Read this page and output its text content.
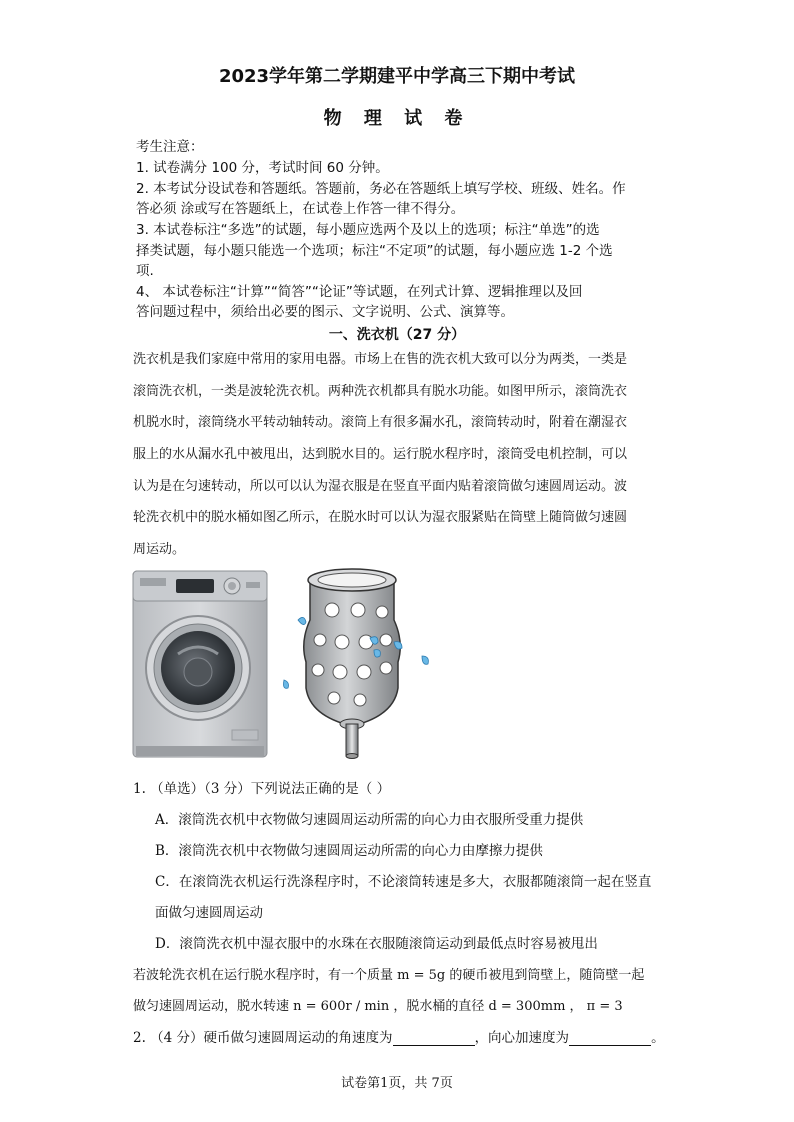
2023学年第二学期建平中学高三下期中考试
物 理 试 卷
考生注意：
1. 试卷满分 100 分，考试时间 60 分钟。
2. 本考试分设试卷和答题纸。答题前，务必在答题纸上填写学校、班级、姓名。作
答必须 涂或写在答题纸上，在试卷上作答一律不得分。
3. 本试卷标注“多选”的试题，每小题应选两个及以上的选项；标注“单选”的选
择类试题，每小题只能选一个选项；标注“不定项”的试题，每小题应选 1-2 个选
项.
4、 本试卷标注“计算”“简答”“论证”等试题，在列式计算、逻辑推理以及回
答问题过程中，须给出必要的图示、文字说明、公式、演算等。
一、洗衣机（27 分）
洗衣机是我们家庭中常用的家用电器。市场上在售的洗衣机大致可以分为两类，一类是
滚筒洗衣机，一类是波轮洗衣机。两种洗衣机都具有脱水功能。如图甲所示，滚筒洗衣
机脱水时，滚筒绕水平转动轴转动。滚筒上有很多漏水孔，滚筒转动时，附着在潮湿衣
服上的水从漏水孔中被甩出，达到脱水目的。运行脱水程序时，滚筒受电机控制，可以
认为是在匀速转动，所以可以认为湿衣服是在竖直平面内贴着滚筒做匀速圆周运动。波
轮洗衣机中的脱水桶如图乙所示，在脱水时可以认为湿衣服紧贴在筒壁上随筒做匀速圆
周运动。
1. （单选）（3 分）下列说法正确的是（ ）
A．滚筒洗衣机中衣物做匀速圆周运动所需的向心力由衣服所受重力提供
B．滚筒洗衣机中衣物做匀速圆周运动所需的向心力由摩擦力提供
C．在滚筒洗衣机运行洗涤程序时，不论滚筒转速是多大，衣服都随滚筒一起在竖直
面做匀速圆周运动
D．滚筒洗衣机中湿衣服中的水珠在衣服随滚筒运动到最低点时容易被甩出
若波轮洗衣机在运行脱水程序时，有一个质量 m = 5g 的硬币被甩到筒壁上，随筒壁一起
做匀速圆周运动，脱水转速 n = 600r / min ，脱水桶的直径 d = 300mm ， π = 3
2. （4 分）硬币做匀速圆周运动的角速度为	，向心加速度为	。
试卷第1页，共 7页
